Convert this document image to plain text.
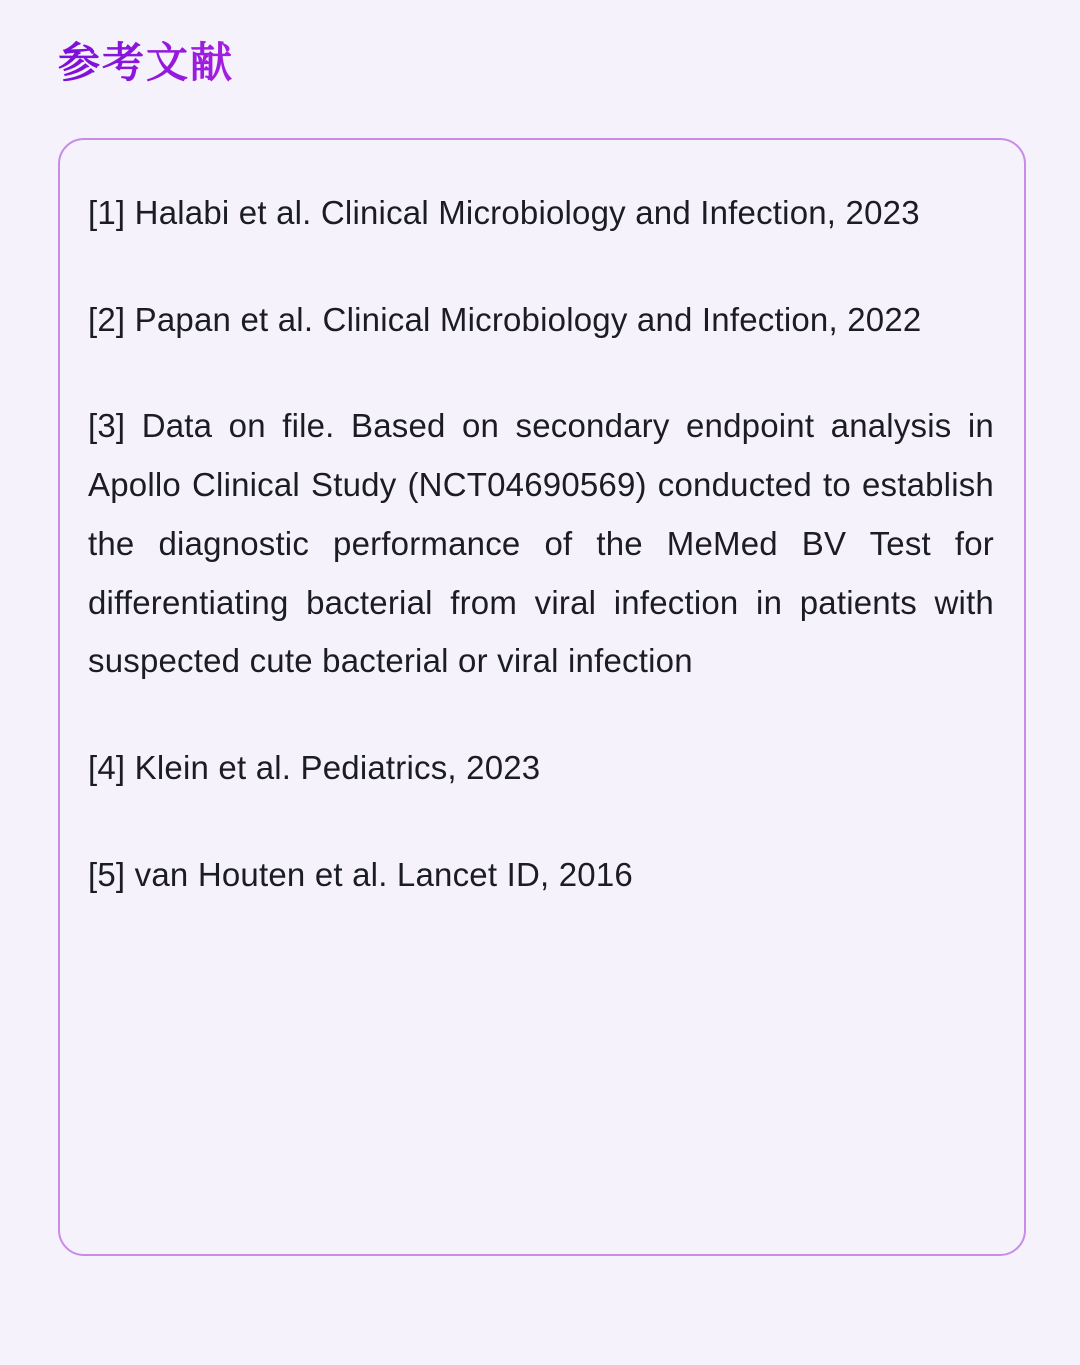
参考文献
[1] Halabi et al. Clinical Microbiology and Infection, 2023
[2] Papan et al. Clinical Microbiology and Infection, 2022
[3] Data on file. Based on secondary endpoint analysis in Apollo Clinical Study (NCT04690569) conducted to establish the diagnostic performance of the MeMed BV Test for differentiating bacterial from viral infection in patients with suspected cute bacterial or viral infection
[4] Klein et al. Pediatrics, 2023
[5] van Houten et al. Lancet ID, 2016
